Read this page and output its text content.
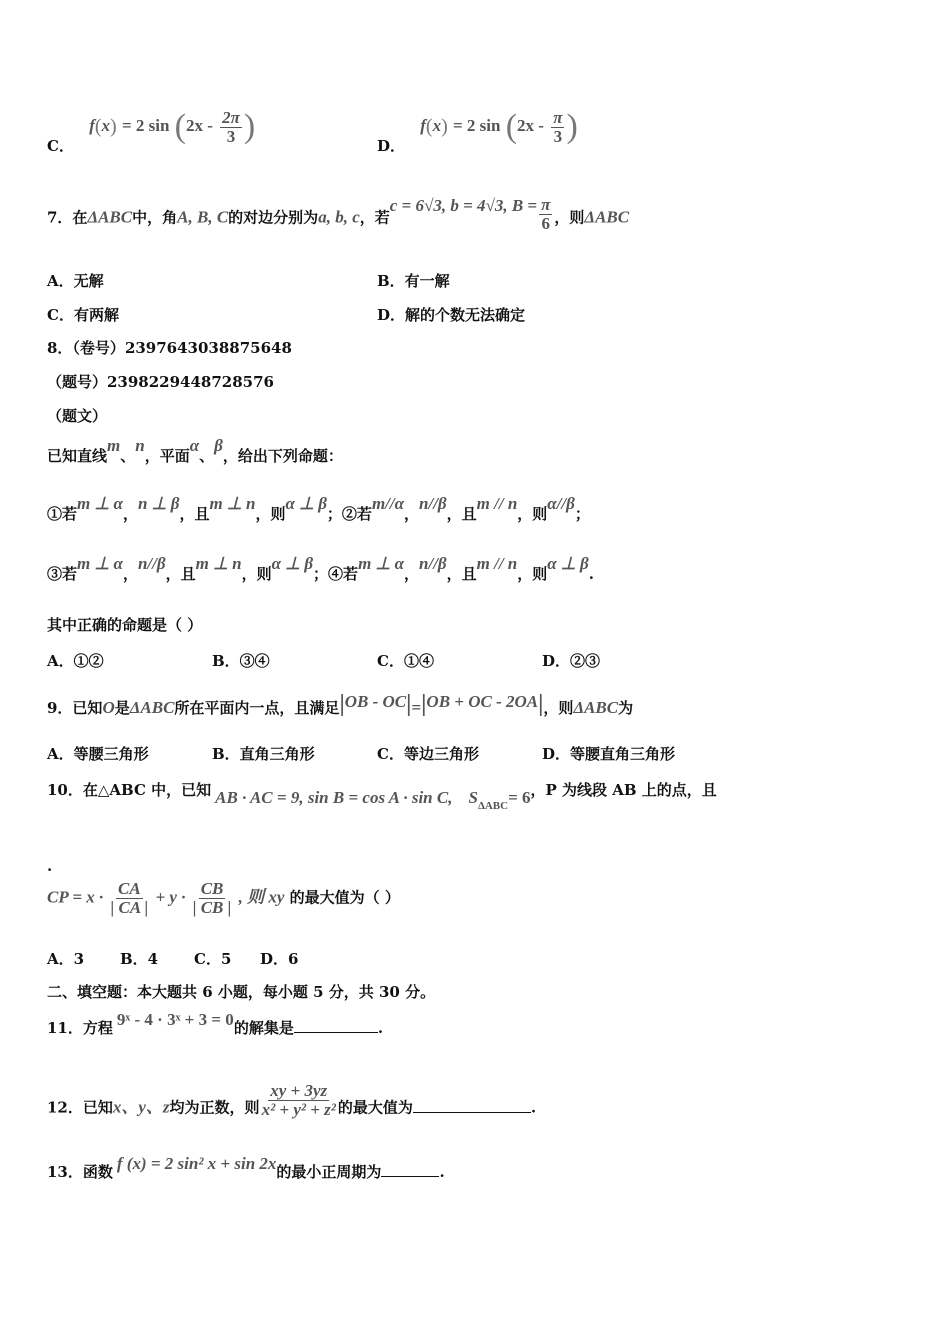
C． f(x) = 2 $\sin (2x - \frac{2\pi}{3}$ )
D． f(x) = 2 $\sin (2x - \frac{\pi}{3}$ )
7．在ΔABC中，角A, B, C的对边分别为a, b, c，若c = 6√3, b = 4√3, $B = \frac{\pi}{6}$ ，则ΔABC
A．无解	B．有一解
C．有两解	D．解的个数无法确定
8．（卷号）2397643038875648
（题号）2398229448728576
（题文）
已知直线m、n，平面α、β，给出下列命题：
①若m ⊥ α，n ⊥ β，且m ⊥ n，则α ⊥ β；②若m//α，n//β，且m // n，则α//β；
③若m ⊥ α，n//β，且m ⊥ n，则α ⊥ β；④若m ⊥ α，n//β，且m // n，则α ⊥ β.
其中正确的命题是（ ）
A．①②	B．③④	C．①④	D．②③
9．已知O是ΔABC所在平面内一点，且满足|OB - OC|=|OB + OC - 2OA|，则ΔABC为
A．等腰三角形	B．直角三角形	C．等边三角形	D．等腰直角三角形
10．在△ABC 中，已知 AB · AC = 9, sin B = cos A · sin C, $S_{\Delta ABC}= 6$，P 为线段 AB 上的点，且
.
CP = $x \cdot \frac{CA}{| CA |} + y \cdot \frac{CB}{| CB |}$ , 则 xy 的最大值为（ ）
A．3 B．4 C．5 D．6
二、填空题：本大题共 6 小题，每小题 5 分，共 30 分。
11．方程 9ˣ - 4 · 3ˣ + 3 = 0的解集是	.
12．已知x、y、z均为正数，则 $\frac{xy + 3yz}{\text{x² + y² + z²}}$ 的最大值为	.
13．函数 f (x) = 2 sin² x + sin 2x的最小正周期为	.
